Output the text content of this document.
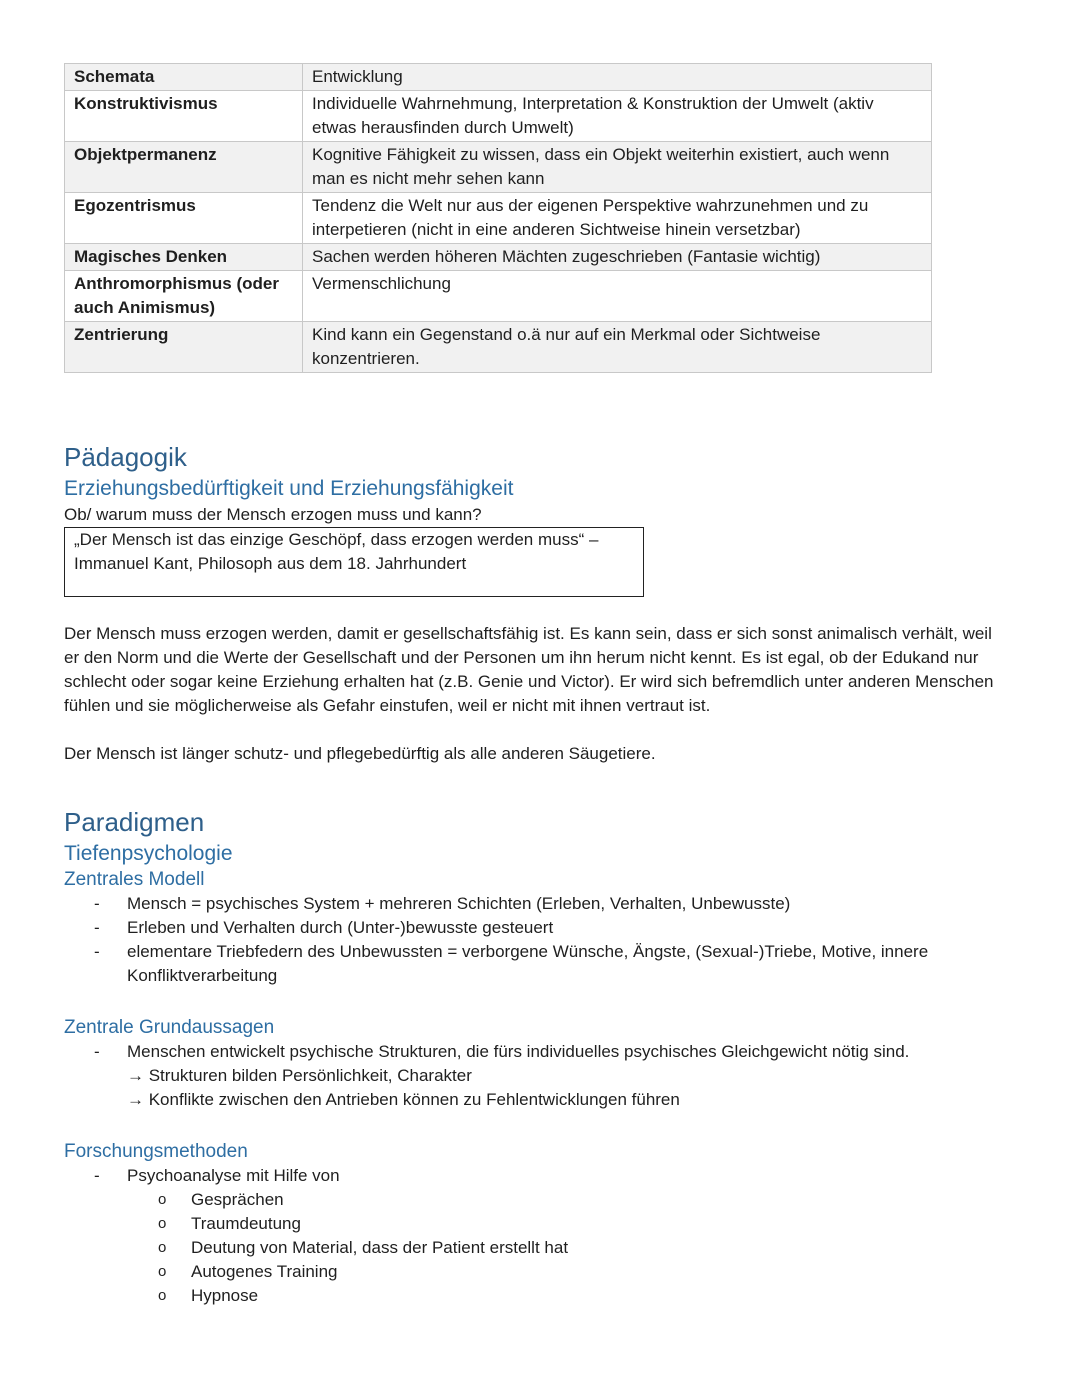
Schemata	Entwicklung
Konstruktivismus	Individuelle Wahrnehmung, Interpretation & Konstruktion der Umwelt (aktiv etwas herausfinden durch Umwelt)
Objektpermanenz	Kognitive Fähigkeit zu wissen, dass ein Objekt weiterhin existiert, auch wenn man es nicht mehr sehen kann
Egozentrismus	Tendenz die Welt nur aus der eigenen Perspektive wahrzunehmen und zu interpetieren (nicht in eine anderen Sichtweise hinein versetzbar)
Magisches Denken	Sachen werden höheren Mächten zugeschrieben (Fantasie wichtig)
Anthromorphismus (oder auch Animismus)	Vermenschlichung
Zentrierung	Kind kann ein Gegenstand o.ä nur auf ein Merkmal oder Sichtweise konzentrieren.
Pädagogik
Erziehungsbedürftigkeit und Erziehungsfähigkeit

Ob/ warum muss der Mensch erzogen muss und kann?

„Der Mensch ist das einzige Geschöpf, dass erzogen werden muss“ – Immanuel Kant, Philosoph aus dem 18. Jahrhundert

Der Mensch muss erzogen werden, damit er gesellschaftsfähig ist. Es kann sein, dass er sich sonst animalisch verhält, weil er den Norm und die Werte der Gesellschaft und der Personen um ihn herum nicht kennt. Es ist egal, ob der Edukand nur schlecht oder sogar keine Erziehung erhalten hat (z.B. Genie und Victor). Er wird sich befremdlich unter anderen Menschen fühlen und sie möglicherweise als Gefahr einstufen, weil er nicht mit ihnen vertraut ist.

Der Mensch ist länger schutz- und pflegebedürftig als alle anderen Säugetiere.

Paradigmen
Tiefenpsychologie
Zentrales Modell
- Mensch = psychisches System + mehreren Schichten (Erleben, Verhalten, Unbewusste)
- Erleben und Verhalten durch (Unter-)bewusste gesteuert
- elementare Triebfedern des Unbewussten = verborgene Wünsche, Ängste, (Sexual-)Triebe, Motive, innere Konfliktverarbeitung
Zentrale Grundaussagen
- Menschen entwickelt psychische Strukturen, die fürs individuelles psychisches Gleichgewicht nötig sind.
→ Strukturen bilden Persönlichkeit, Charakter
→ Konflikte zwischen den Antrieben können zu Fehlentwicklungen führen
Forschungsmethoden
- Psychoanalyse mit Hilfe von
o Gesprächen
o Traumdeutung
o Deutung von Material, dass der Patient erstellt hat
o Autogenes Training
o Hypnose
